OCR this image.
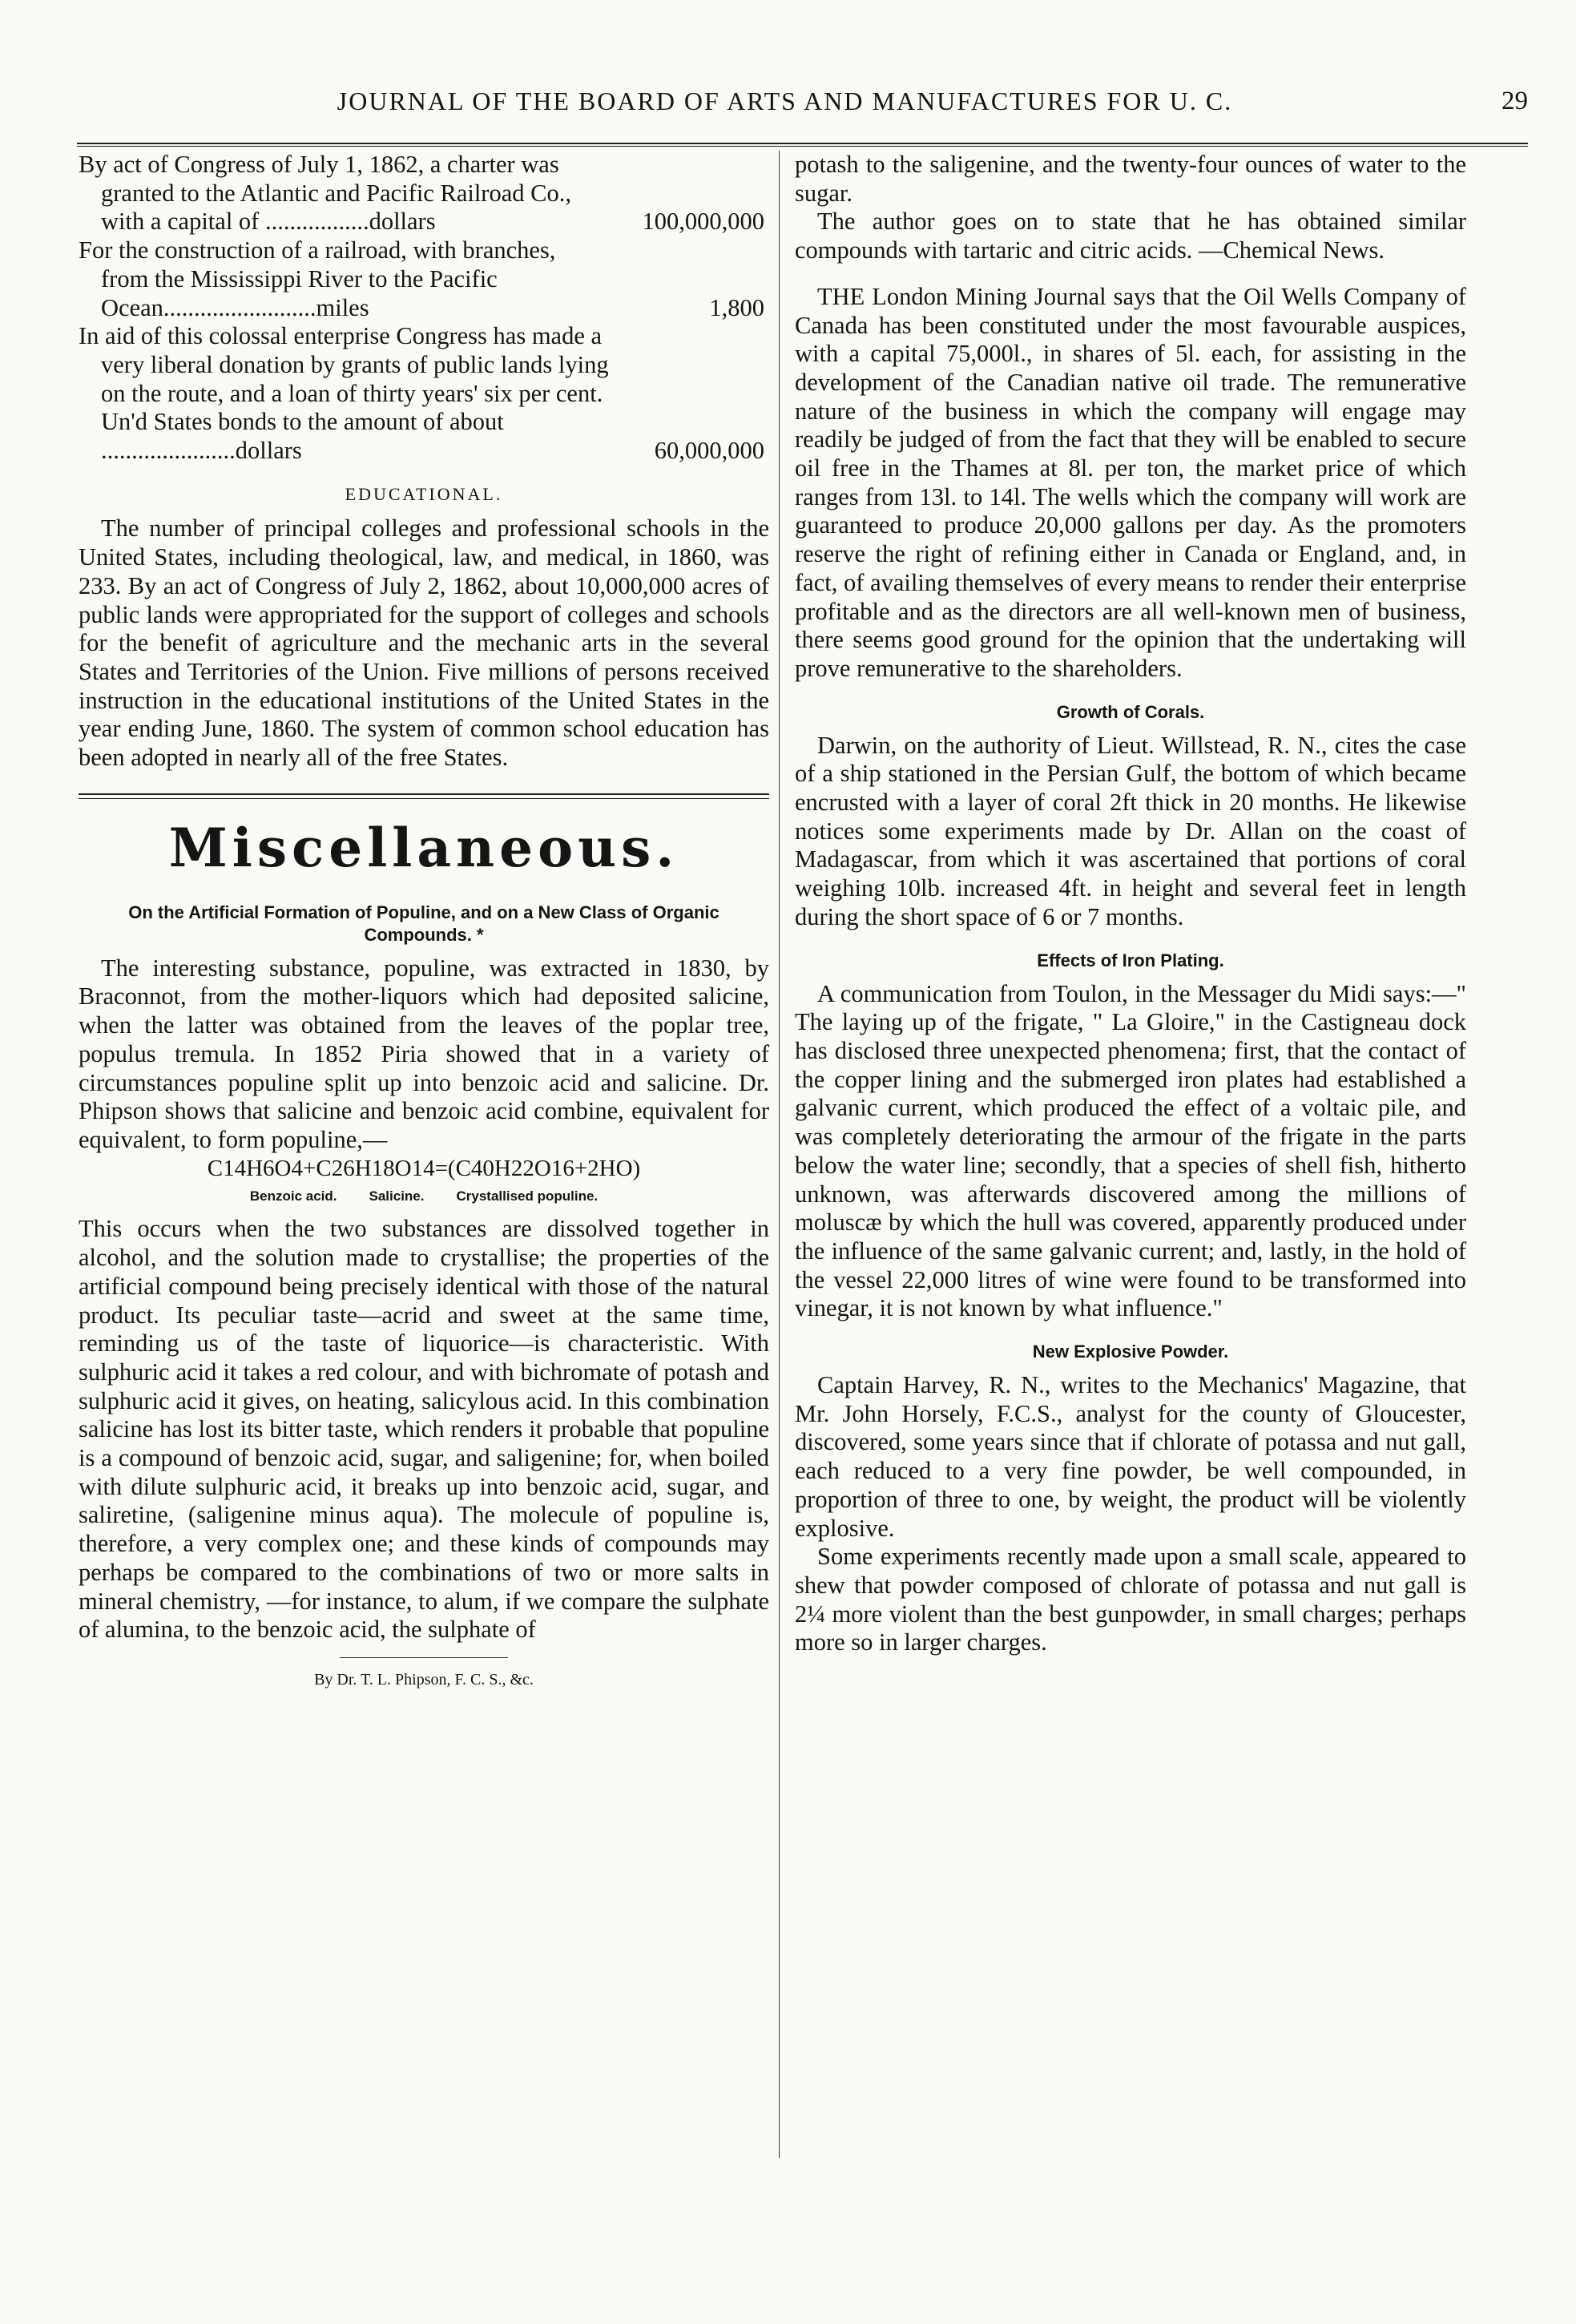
JOURNAL OF THE BOARD OF ARTS AND MANUFACTURES FOR U. C.	29
By act of Congress of July 1, 1862, a charter was granted to the Atlantic and Pacific Railroad Co., with a capital of .................dollars	100,000,000
For the construction of a railroad, with branches, from the Mississippi River to the Pacific Ocean.........................miles	1,800
In aid of this colossal enterprise Congress has made a very liberal donation by grants of public lands lying on the route, and a loan of thirty years' six per cent. Un'd States bonds to the amount of about ......................dollars	60,000,000
EDUCATIONAL.

The number of principal colleges and professional schools in the United States, including theological, law, and medical, in 1860, was 233. By an act of Congress of July 2, 1862, about 10,000,000 acres of public lands were appropriated for the support of colleges and schools for the benefit of agriculture and the mechanic arts in the several States and Territories of the Union. Five millions of persons received instruction in the educational institutions of the United States in the year ending June, 1860. The system of common school education has been adopted in nearly all of the free States.

Miscellaneous.
On the Artificial Formation of Populine, and on a New Class of Organic Compounds. *

The interesting substance, populine, was extracted in 1830, by Braconnot, from the mother-liquors which had deposited salicine, when the latter was obtained from the leaves of the poplar tree, populus tremula. In 1852 Piria showed that in a variety of circumstances populine split up into benzoic acid and salicine. Dr. Phipson shows that salicine and benzoic acid combine, equivalent for equivalent, to form populine,—

C14H6O4+C26H18O14=(C40H22O16+2HO)
Benzoic acid. Salicine. Crystallised populine.

This occurs when the two substances are dissolved together in alcohol, and the solution made to crystallise; the properties of the artificial compound being precisely identical with those of the natural product. Its peculiar taste—acrid and sweet at the same time, reminding us of the taste of liquorice—is characteristic. With sulphuric acid it takes a red colour, and with bichromate of potash and sulphuric acid it gives, on heating, salicylous acid. In this combination salicine has lost its bitter taste, which renders it probable that populine is a compound of benzoic acid, sugar, and saligenine; for, when boiled with dilute sulphuric acid, it breaks up into benzoic acid, sugar, and saliretine, (saligenine minus aqua). The molecule of populine is, therefore, a very complex one; and these kinds of compounds may perhaps be compared to the combinations of two or more salts in mineral chemistry, —for instance, to alum, if we compare the sulphate of alumina, to the benzoic acid, the sulphate of

By Dr. T. L. Phipson, F. C. S., &c.

potash to the saligenine, and the twenty-four ounces of water to the sugar.

The author goes on to state that he has obtained similar compounds with tartaric and citric acids. —Chemical News.

THE London Mining Journal says that the Oil Wells Company of Canada has been constituted under the most favourable auspices, with a capital 75,000l., in shares of 5l. each, for assisting in the development of the Canadian native oil trade. The remunerative nature of the business in which the company will engage may readily be judged of from the fact that they will be enabled to secure oil free in the Thames at 8l. per ton, the market price of which ranges from 13l. to 14l. The wells which the company will work are guaranteed to produce 20,000 gallons per day. As the promoters reserve the right of refining either in Canada or England, and, in fact, of availing themselves of every means to render their enterprise profitable and as the directors are all well-known men of business, there seems good ground for the opinion that the undertaking will prove remunerative to the shareholders.

Growth of Corals.

Darwin, on the authority of Lieut. Willstead, R. N., cites the case of a ship stationed in the Persian Gulf, the bottom of which became encrusted with a layer of coral 2ft thick in 20 months. He likewise notices some experiments made by Dr. Allan on the coast of Madagascar, from which it was ascertained that portions of coral weighing 10lb. increased 4ft. in height and several feet in length during the short space of 6 or 7 months.

Effects of Iron Plating.

A communication from Toulon, in the Messager du Midi says:—" The laying up of the frigate, " La Gloire," in the Castigneau dock has disclosed three unexpected phenomena; first, that the contact of the copper lining and the submerged iron plates had established a galvanic current, which produced the effect of a voltaic pile, and was completely deteriorating the armour of the frigate in the parts below the water line; secondly, that a species of shell fish, hitherto unknown, was afterwards discovered among the millions of moluscæ by which the hull was covered, apparently produced under the influence of the same galvanic current; and, lastly, in the hold of the vessel 22,000 litres of wine were found to be transformed into vinegar, it is not known by what influence."

New Explosive Powder.

Captain Harvey, R. N., writes to the Mechanics' Magazine, that Mr. John Horsely, F.C.S., analyst for the county of Gloucester, discovered, some years since that if chlorate of potassa and nut gall, each reduced to a very fine powder, be well compounded, in proportion of three to one, by weight, the product will be violently explosive.

Some experiments recently made upon a small scale, appeared to shew that powder composed of chlorate of potassa and nut gall is 2¼ more violent than the best gunpowder, in small charges; perhaps more so in larger charges.
